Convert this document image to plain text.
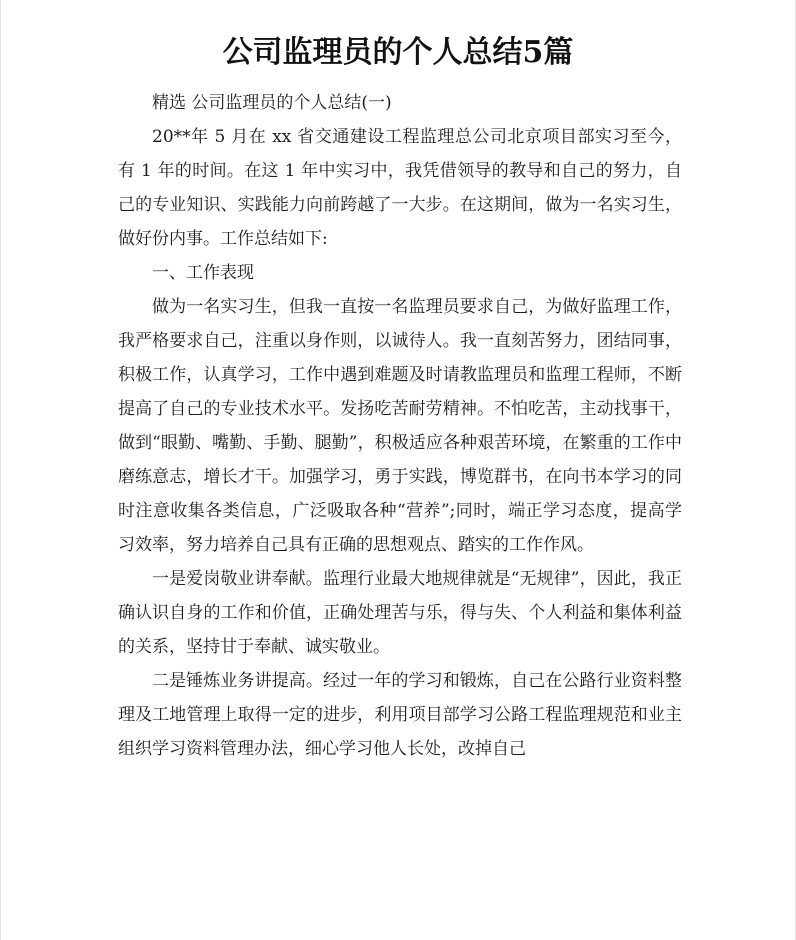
公司监理员的个人总结5篇

精选 公司监理员的个人总结(一)

20**年 5 月在 xx 省交通建设工程监理总公司北京项目部实习至今，有 1 年的时间。在这 1 年中实习中，我凭借领导的教导和自己的努力，自己的专业知识、实践能力向前跨越了一大步。在这期间，做为一名实习生，做好份内事。工作总结如下:

一、工作表现

做为一名实习生，但我一直按一名监理员要求自己，为做好监理工作，我严格要求自己，注重以身作则，以诚待人。我一直刻苦努力，团结同事，积极工作，认真学习，工作中遇到难题及时请教监理员和监理工程师，不断提高了自己的专业技术水平。发扬吃苦耐劳精神。不怕吃苦，主动找事干，做到“眼勤、嘴勤、手勤、腿勤”，积极适应各种艰苦环境，在繁重的工作中磨练意志，增长才干。加强学习，勇于实践，博览群书，在向书本学习的同时注意收集各类信息，广泛吸取各种“营养”;同时，端正学习态度，提高学习效率，努力培养自己具有正确的思想观点、踏实的工作作风。

一是爱岗敬业讲奉献。监理行业最大地规律就是“无规律”，因此，我正确认识自身的工作和价值，正确处理苦与乐，得与失、个人利益和集体利益的关系，坚持甘于奉献、诚实敬业。

二是锤炼业务讲提高。经过一年的学习和锻炼，自己在公路行业资料整理及工地管理上取得一定的进步，利用项目部学习公路工程监理规范和业主组织学习资料管理办法，细心学习他人长处，改掉自己
